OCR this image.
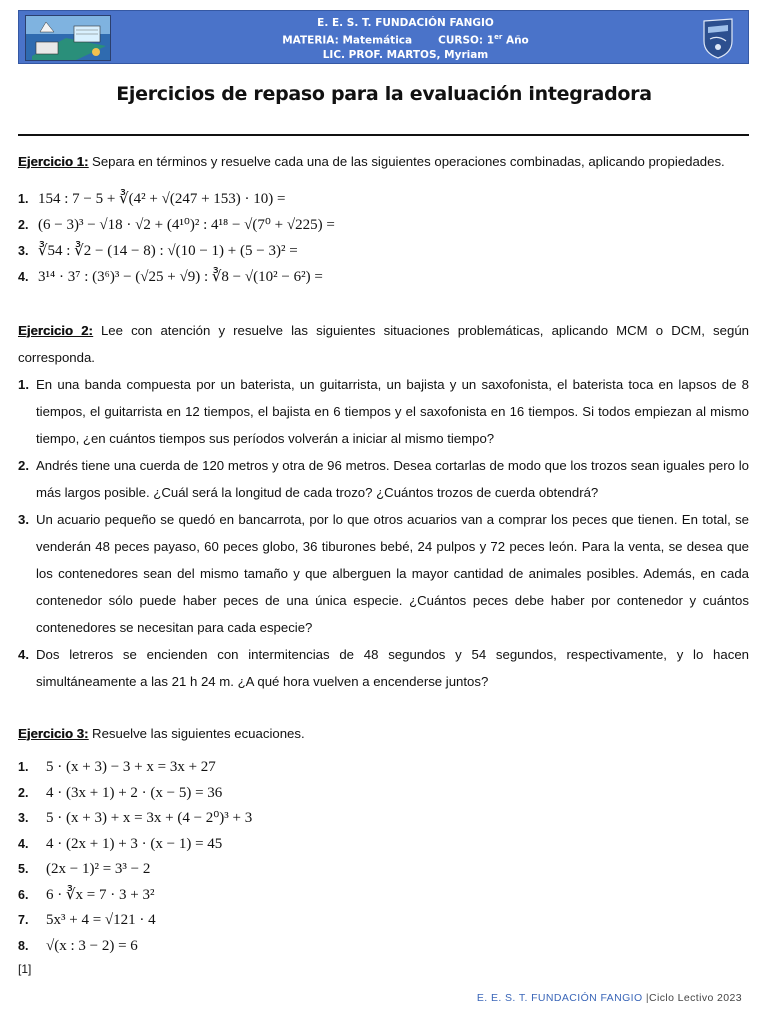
E. E. S. T. FUNDACIÓN FANGIO
MATERIA: Matemática CURSO: 1er Año
LIC. PROF. MARTOS, Myriam
Ejercicios de repaso para la evaluación integradora
Ejercicio 1: Separa en términos y resuelve cada una de las siguientes operaciones combinadas, aplicando propiedades.
1. 154 : 7 − 5 + ∛(4² + √(247 + 153) · 10) =
2. (6 − 3)³ − √18 · √2 + (4¹⁰)² : 4¹⁸ − √(7⁰ + √225) =
3. ∛54 : ∛2 − (14 − 8) : √(10 − 1) + (5 − 3)² =
4. 3¹⁴ · 3⁷ : (3⁶)³ − (√25 + √9) : ∛8 − √(10² − 6²) =
Ejercicio 2: Lee con atención y resuelve las siguientes situaciones problemáticas, aplicando MCM o DCM, según corresponda.
1. En una banda compuesta por un baterista, un guitarrista, un bajista y un saxofonista, el baterista toca en lapsos de 8 tiempos, el guitarrista en 12 tiempos, el bajista en 6 tiempos y el saxofonista en 16 tiempos. Si todos empiezan al mismo tiempo, ¿en cuántos tiempos sus períodos volverán a iniciar al mismo tiempo?
2. Andrés tiene una cuerda de 120 metros y otra de 96 metros. Desea cortarlas de modo que los trozos sean iguales pero lo más largos posible. ¿Cuál será la longitud de cada trozo? ¿Cuántos trozos de cuerda obtendrá?
3. Un acuario pequeño se quedó en bancarrota, por lo que otros acuarios van a comprar los peces que tienen. En total, se venderán 48 peces payaso, 60 peces globo, 36 tiburones bebé, 24 pulpos y 72 peces león. Para la venta, se desea que los contenedores sean del mismo tamaño y que alberguen la mayor cantidad de animales posibles. Además, en cada contenedor sólo puede haber peces de una única especie. ¿Cuántos peces debe haber por contenedor y cuántos contenedores se necesitan para cada especie?
4. Dos letreros se encienden con intermitencias de 48 segundos y 54 segundos, respectivamente, y lo hacen simultáneamente a las 21 h 24 m. ¿A qué hora vuelven a encenderse juntos?
Ejercicio 3: Resuelve las siguientes ecuaciones.
1. 5 · (x + 3) − 3 + x = 3x + 27
2. 4 · (3x + 1) + 2 · (x − 5) = 36
3. 5 · (x + 3) + x = 3x + (4 − 2⁰)³ + 3
4. 4 · (2x + 1) + 3 · (x − 1) = 45
5. (2x − 1)² = 3³ − 2
6. 6 · ∛x = 7 · 3 + 3²
7. 5x³ + 4 = √121 · 4
8. √(x : 3 − 2) = 6
[1]
E. E. S. T. FUNDACIÓN FANGIO |Ciclo Lectivo 2023
